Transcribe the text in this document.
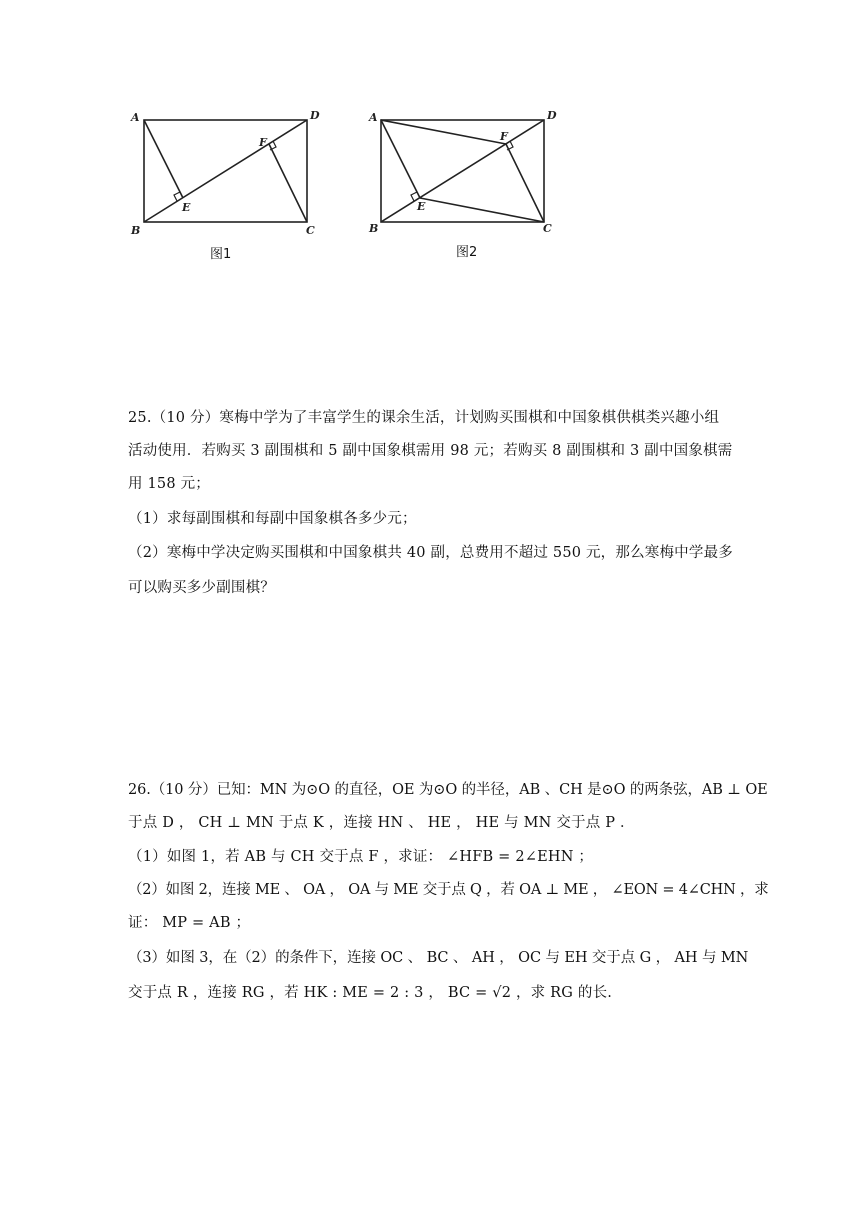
A
B	C
D
E
F
图1
A
B	C
D
E
F
图2
25.（10 分）寒梅中学为了丰富学生的课余生活，计划购买围棋和中国象棋供棋类兴趣小组
活动使用．若购买 3 副围棋和 5 副中国象棋需用 98 元；若购买 8 副围棋和 3 副中国象棋需
用 158 元；
（1）求每副围棋和每副中国象棋各多少元；
（2）寒梅中学决定购买围棋和中国象棋共 40 副，总费用不超过 550 元，那么寒梅中学最多
可以购买多少副围棋？
26.（10 分）已知：MN 为⊙O 的直径，OE 为⊙O 的半径，AB 、CH 是⊙O 的两条弦，AB ⊥ OE
于点 D ， CH ⊥ MN 于点 K ，连接 HN 、 HE ， HE 与 MN 交于点 P ．
（1）如图 1，若 AB 与 CH 交于点 F ，求证： ∠HFB = 2∠EHN ；
（2）如图 2，连接 ME 、 OA ， OA 与 ME 交于点 Q ，若 OA ⊥ ME ， ∠EON = 4∠CHN ，求
证： MP = AB ；
（3）如图 3，在（2）的条件下，连接 OC 、 BC 、 AH ， OC 与 EH 交于点 G ， AH 与 MN
交于点 R ，连接 RG ，若 HK : ME = 2 : 3 ， BC = √2 ，求 RG 的长.
